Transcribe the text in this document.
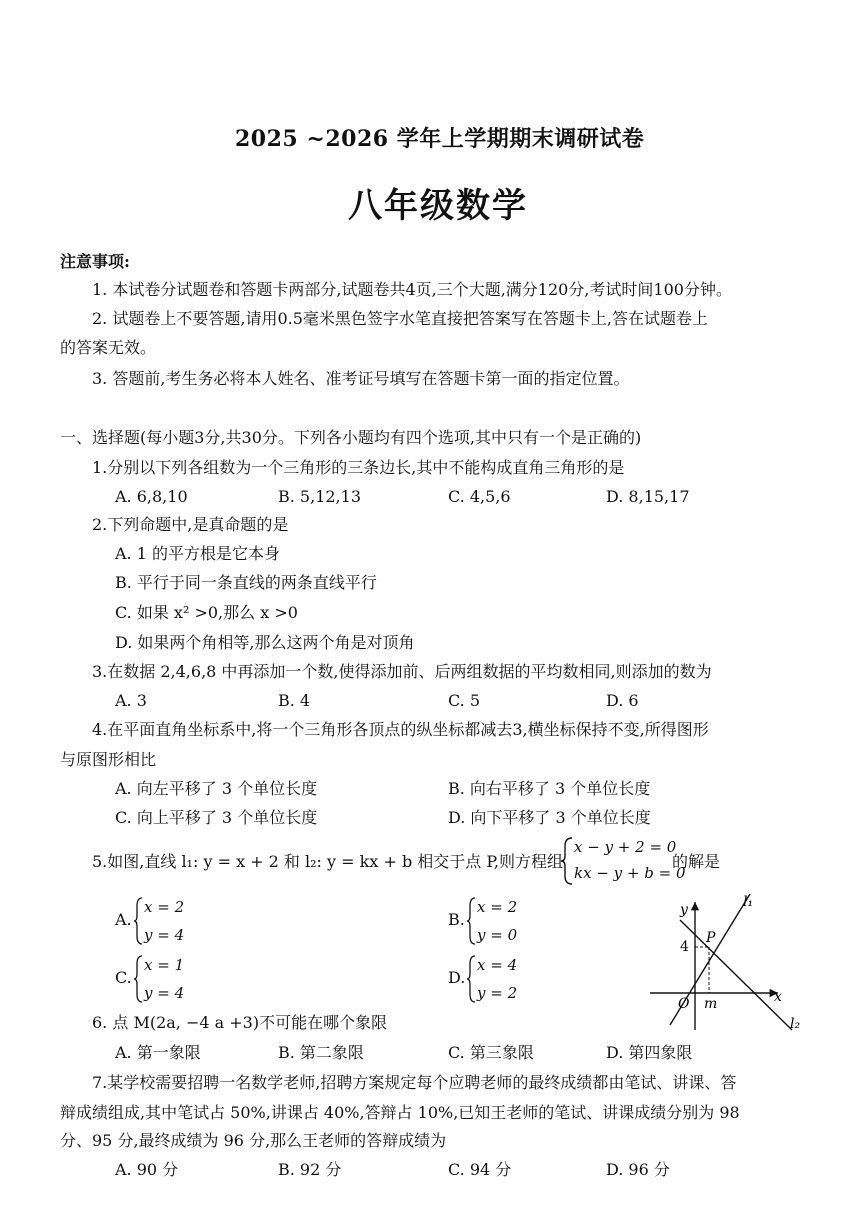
2025 ~2026 学年上学期期末调研试卷
八年级数学
注意事项:
1. 本试卷分试题卷和答题卡两部分,试题卷共4页,三个大题,满分120分,考试时间100分钟。
2. 试题卷上不要答题,请用0.5毫米黑色签字水笔直接把答案写在答题卡上,答在试题卷上
的答案无效。
3. 答题前,考生务必将本人姓名、准考证号填写在答题卡第一面的指定位置。
一、选择题(每小题3分,共30分。下列各小题均有四个选项,其中只有一个是正确的)
1.分别以下列各组数为一个三角形的三条边长,其中不能构成直角三角形的是
A. 6,8,10	B. 5,12,13	C. 4,5,6	D. 8,15,17
2.下列命题中,是真命题的是
A. 1 的平方根是它本身
B. 平行于同一条直线的两条直线平行
C. 如果 x² >0,那么 x >0
D. 如果两个角相等,那么这两个角是对顶角
3.在数据 2,4,6,8 中再添加一个数,使得添加前、后两组数据的平均数相同,则添加的数为
A. 3	B. 4	C. 5	D. 6
4.在平面直角坐标系中,将一个三角形各顶点的纵坐标都减去3,横坐标保持不变,所得图形
与原图形相比
A. 向左平移了 3 个单位长度	B. 向右平移了 3 个单位长度
C. 向上平移了 3 个单位长度	D. 向下平移了 3 个单位长度
5.如图,直线 l₁: y = x + 2 和 l₂: y = kx + b 相交于点 P,则方程组
x − y + 2 = 0
kx − y + b = 0
的解是
A.
x = 2
y = 4
B.
x = 2
y = 0
C.
x = 1
y = 4
D.
x = 4
y = 2
y
x
O m
4
P
l₁
l₂
6. 点 M(2a, −4 a +3)不可能在哪个象限
A. 第一象限	B. 第二象限	C. 第三象限	D. 第四象限
7.某学校需要招聘一名数学老师,招聘方案规定每个应聘老师的最终成绩都由笔试、讲课、答
辩成绩组成,其中笔试占 50%,讲课占 40%,答辩占 10%,已知王老师的笔试、讲课成绩分别为 98
分、95 分,最终成绩为 96 分,那么王老师的答辩成绩为
A. 90 分	B. 92 分	C. 94 分	D. 96 分
